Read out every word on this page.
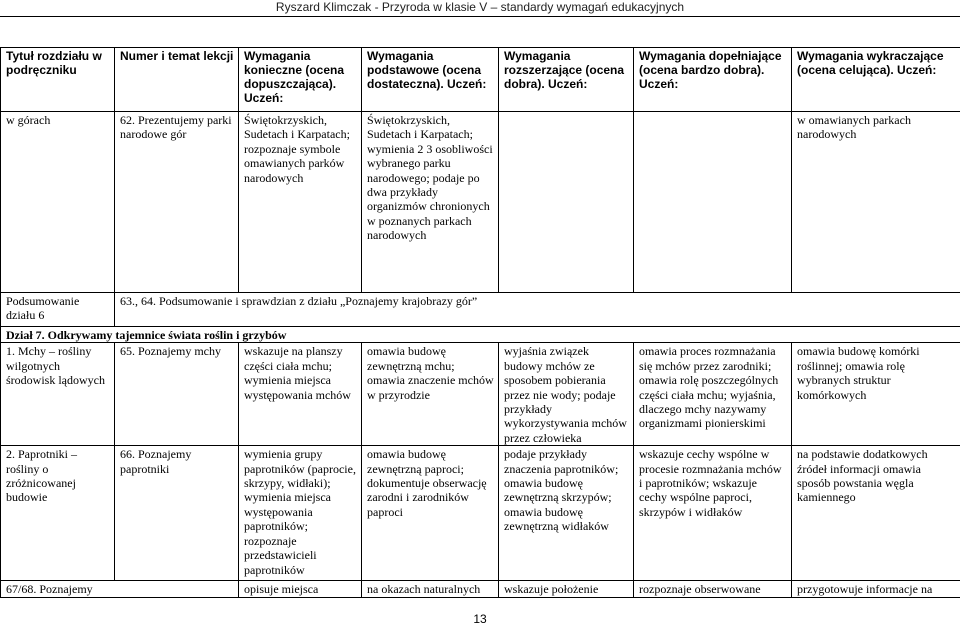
Ryszard Klimczak - Przyroda w klasie V – standardy wymagań edukacyjnych
Tytuł rozdziału w podręczniku	Numer i temat lekcji	Wymagania konieczne (ocena dopuszczająca). Uczeń:	Wymagania podstawowe (ocena dostateczna). Uczeń:	Wymagania rozszerzające (ocena dobra). Uczeń:	Wymagania dopełniające (ocena bardzo dobra). Uczeń:	Wymagania wykraczające (ocena celująca). Uczeń:
w górach	62. Prezentujemy parki narodowe gór	Świętokrzyskich, Sudetach i Karpatach; rozpoznaje symbole omawianych parków narodowych	Świętokrzyskich, Sudetach i Karpatach; wymienia 2 3 osobliwości wybranego parku narodowego; podaje po dwa przykłady organizmów chronionych w poznanych parkach narodowych			w omawianych parkach narodowych
Podsumowanie działu 6	63., 64. Podsumowanie i sprawdzian z działu „Poznajemy krajobrazy gór”					
Dział 7. Odkrywamy tajemnice świata roślin i grzybów						
1. Mchy – rośliny wilgotnych środowisk lądowych	65. Poznajemy mchy	wskazuje na planszy części ciała mchu; wymienia miejsca występowania mchów	omawia budowę zewnętrzną mchu; omawia znaczenie mchów w przyrodzie	wyjaśnia związek budowy mchów ze sposobem pobierania przez nie wody; podaje przykłady wykorzystywania mchów przez człowieka	omawia proces rozmnażania się mchów przez zarodniki; omawia rolę poszczególnych części ciała mchu; wyjaśnia, dlaczego mchy nazywamy organizmami pionierskimi	omawia budowę komórki roślinnej; omawia rolę wybranych struktur komórkowych
2. Paprotniki – rośliny o zróżnicowanej budowie	66. Poznajemy paprotniki	wymienia grupy paprotników (paprocie, skrzypy, widłaki); wymienia miejsca występowania paprotników; rozpoznaje przedstawicieli paprotników	omawia budowę zewnętrzną paproci; dokumentuje obserwację zarodni i zarodników paproci	podaje przykłady znaczenia paprotników; omawia budowę zewnętrzną skrzypów; omawia budowę zewnętrzną widłaków	wskazuje cechy wspólne w procesie rozmnażania mchów i paprotników; wskazuje cechy wspólne paproci, skrzypów i widłaków	na podstawie dodatkowych źródeł informacji omawia sposób powstania węgla kamiennego
67/68. Poznajemy		opisuje miejsca	na okazach naturalnych	wskazuje położenie	rozpoznaje obserwowane	przygotowuje informacje na
13
